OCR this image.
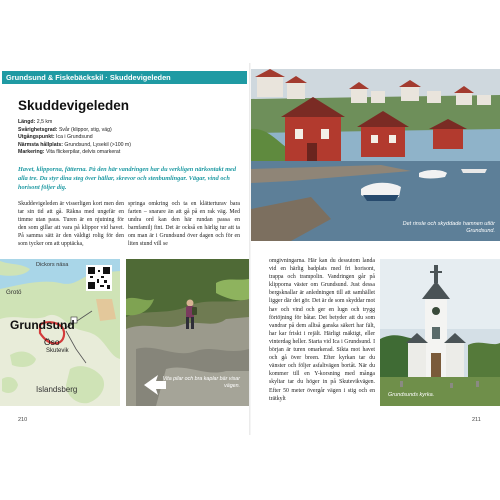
Grundsund & Fiskebäckskil · Skuddevigeleden
Skuddevigeleden
Längd: 2,5 km
Svårighetsgrad: Svår (klippor, stig, väg)
Utgångspunkt: Ica i Grundsund
Närmsta hållplats: Grundsund, Lysekil (>100 m)
Markering: Vita flickerpilar, delvis omarkerat
Havet, klipporna, fätterna. På den här vandringen har du verkligen närkontakt med alla tre. Du styr dina steg över hällar, skrevor och stenbumlingar. Vägar, vind och horisont följer dig.
Skuddevigeleden är visserligen kort men den tar sin tid att gå. Räkna med ungefär en timme utan paus. Turen är en njutning för den som gillar att vara på klippor vid havet. På samma sätt är den väldigt rolig för den som tycker om att upptäcka,
springa omkring och ta en klätterturav bara farten – snarare än att gå på en rak väg. Med undra ord kan den här rundan passa en barnfamilj fint. Det är också en härlig tur att ta om man är i Grundsund över dagen och för en liten stund vill se
Dickors näsa
Grotö
Grundsund
Öso
Skutevik
Islandsberg
Vita pilar och bra kaplar bär visar vägen.
210
Det rinsle och skyddade hamnen utlör Grundsund.
omgivningarna. Här kan du dessutom landa vid en härlig badplats med fri horisont, trappa och trampolin. Vandringen går på klipporna väster om Grundsund. Just dessa bergsknallar är anledningen till att samhället ligger där det gör. Det är de som skyddar mot hav och vind och ger en lugn och trygg förtöjning för båtar. Det betyder att du som vandrar på dem alltså ganska säkert har fält, har kar friskt i rejält. Härligt mäktigt, eller vinterdag heller. Starta vid Ica i Grundsund. I början är turen omarkerad. Sikta mot havet och gå över breen. Efter kyrkan tar du vänster och följer asfaltvägen bortåt. När du kommer till en Y-korsning med många skyltar tar du höger in på Skutevikvägen. Efter 50 meter övergår vägen i stig och en trätkylt
Grundsunds kyrka.
211
